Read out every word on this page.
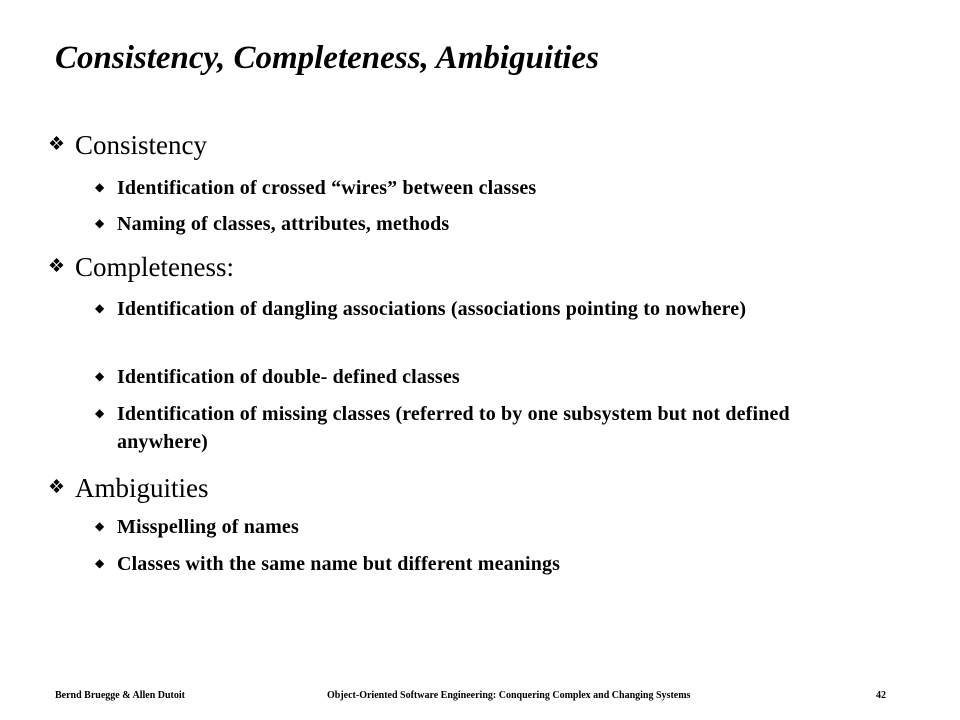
Consistency, Completeness, Ambiguities
❖ Consistency
◆ Identification of crossed “wires” between classes
◆ Naming of classes, attributes, methods
❖ Completeness:
◆ Identification of dangling associations (associations pointing to nowhere)
◆ Identification of double- defined classes
◆ Identification of missing classes (referred to by one subsystem but not defined anywhere)
❖ Ambiguities
◆ Misspelling of names
◆ Classes with the same name but different meanings
Bernd Bruegge & Allen Dutoit	Object-Oriented Software Engineering: Conquering Complex and Changing Systems	42
